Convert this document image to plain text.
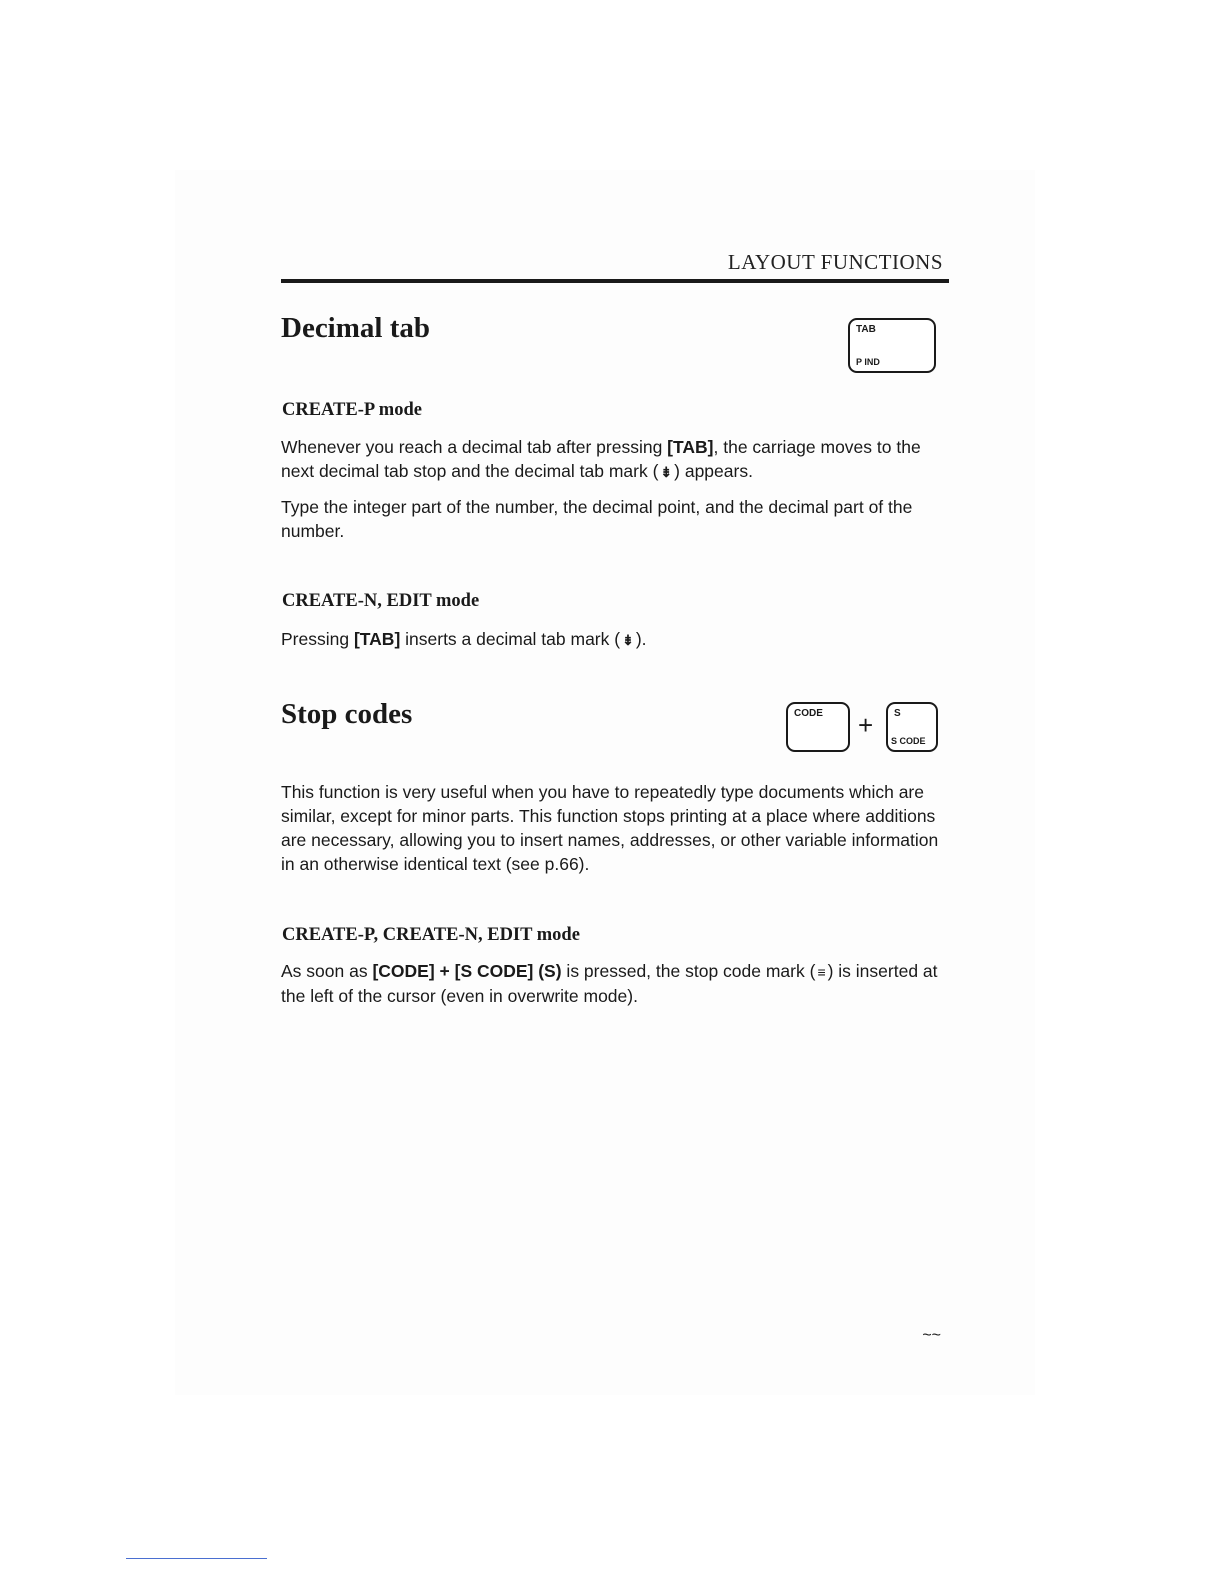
LAYOUT FUNCTIONS
Decimal tab	TAB
P IND
CREATE-P mode

Whenever you reach a decimal tab after pressing [TAB], the carriage moves to the next decimal tab stop and the decimal tab mark ( ⇟ ) appears.

Type the integer part of the number, the decimal point, and the decimal part of the number.

CREATE-N, EDIT mode

Pressing [TAB] inserts a decimal tab mark ( ⇟ ).

Stop codes	CODE + S
S CODE

This function is very useful when you have to repeatedly type documents which are similar, except for minor parts. This function stops printing at a place where additions are necessary, allowing you to insert names, addresses, or other variable information in an otherwise identical text (see p.66).

CREATE-P, CREATE-N, EDIT mode

As soon as [CODE] + [S CODE] (S) is pressed, the stop code mark ( ≡ ) is inserted at the left of the cursor (even in overwrite mode).

~~
